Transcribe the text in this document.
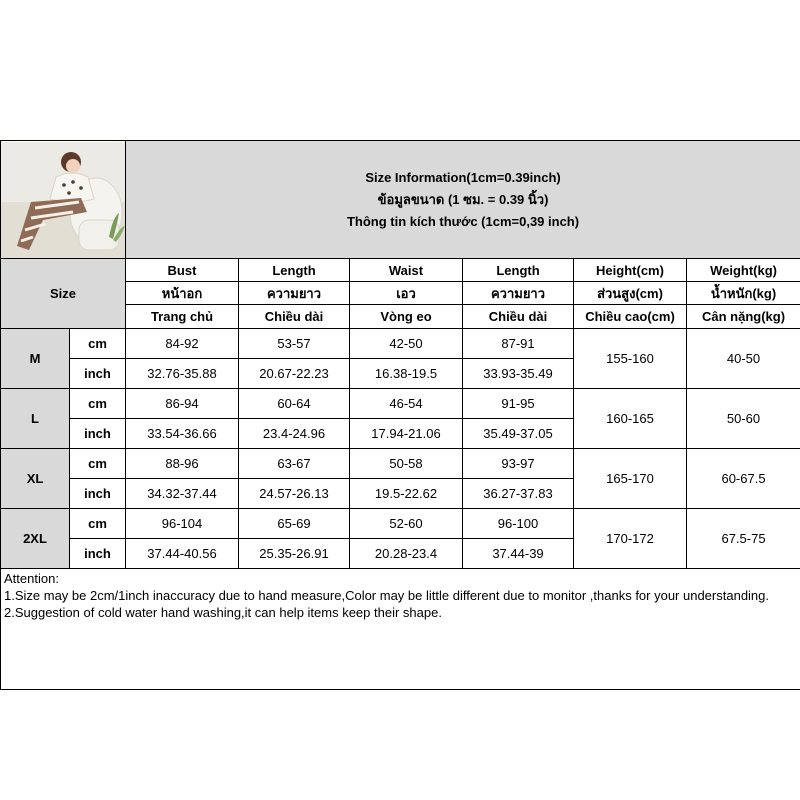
Size Information(1cm=0.39inch)
ข้อมูลขนาด (1 ซม. = 0.39 นิ้ว)
Thông tin kích thước (1cm=0,39 inch)					

Size		Bust	Length	Waist	Length	Height(cm)	Weight(kg)
		หน้าอก	ความยาว	เอว	ความยาว	ส่วนสูง(cm)	น้ำหนัก(kg)
		Trang chủ	Chiều dài	Vòng eo	Chiều dài	Chiều cao(cm)	Cân nặng(kg)
M	cm	84-92	53-57	42-50	87-91	155-160	40-50
	inch	32.76-35.88	20.67-22.23	16.38-19.5	33.93-35.49		
L	cm	86-94	60-64	46-54	91-95	160-165	50-60
	inch	33.54-36.66	23.4-24.96	17.94-21.06	35.49-37.05		
XL	cm	88-96	63-67	50-58	93-97	165-170	60-67.5
	inch	34.32-37.44	24.57-26.13	19.5-22.62	36.27-37.83		
2XL	cm	96-104	65-69	52-60	96-100	170-172	67.5-75
	inch	37.44-40.56	25.35-26.91	20.28-23.4	37.44-39		

Attention:
1.Size may be 2cm/1inch inaccuracy due to hand measure,Color may be little different due to monitor ,thanks for your understanding.
2.Suggestion of cold water hand washing,it can help items keep their shape.							
